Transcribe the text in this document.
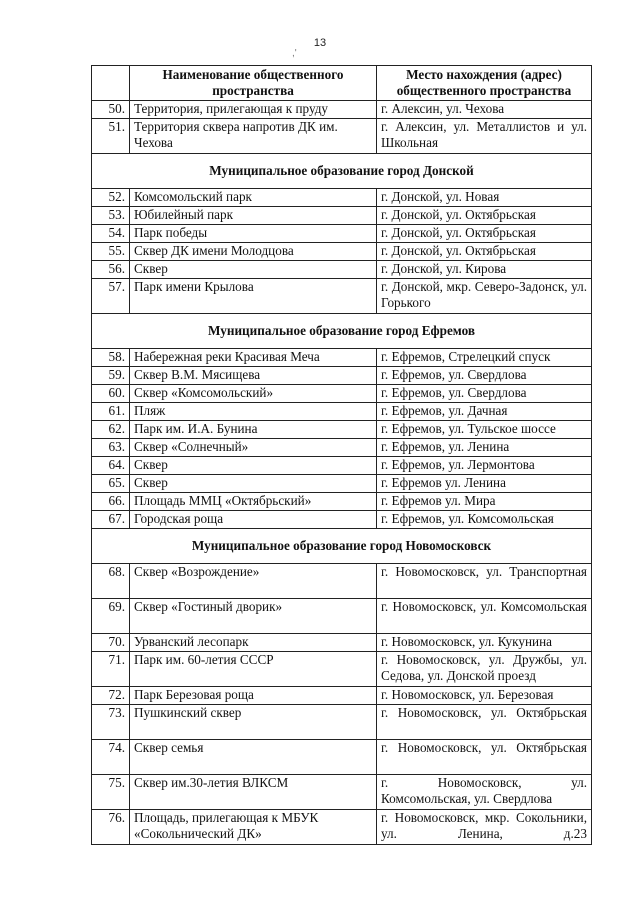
13
,'
	Наименование общественного пространства	Место нахождения (адрес) общественного пространства
50.	Территория, прилегающая к пруду	г. Алексин, ул. Чехова
51.	Территория сквера напротив ДК им. Чехова	г. Алексин, ул. Металлистов и ул. Школьная
Муниципальное образование город Донской		
52.	Комсомольский парк	г. Донской, ул. Новая
53.	Юбилейный парк	г. Донской, ул. Октябрьская
54.	Парк победы	г. Донской, ул. Октябрьская
55.	Сквер ДК имени Молодцова	г. Донской, ул. Октябрьская
56.	Сквер	г. Донской, ул. Кирова
57.	Парк имени Крылова	г. Донской, мкр. Северо-Задонск, ул. Горького
Муниципальное образование город Ефремов		
58.	Набережная реки Красивая Меча	г. Ефремов, Стрелецкий спуск
59.	Сквер В.М. Мясищева	г. Ефремов, ул. Свердлова
60.	Сквер «Комсомольский»	г. Ефремов, ул. Свердлова
61.	Пляж	г. Ефремов, ул. Дачная
62.	Парк им. И.А. Бунина	г. Ефремов, ул. Тульское шоссе
63.	Сквер «Солнечный»	г. Ефремов, ул. Ленина
64.	Сквер	г. Ефремов, ул. Лермонтова
65.	Сквер	г. Ефремов ул. Ленина
66.	Площадь ММЦ «Октябрьский»	г. Ефремов ул. Мира
67.	Городская роща	г. Ефремов, ул. Комсомольская
Муниципальное образование город Новомосковск		
68.	Сквер «Возрождение»	г. Новомосковск, ул. Транспортная
69.	Сквер «Гостиный дворик»	г. Новомосковск, ул. Комсомольская
70.	Урванский лесопарк	г. Новомосковск, ул. Кукунина
71.	Парк им. 60-летия СССР	г. Новомосковск, ул. Дружбы, ул. Седова, ул. Донской проезд
72.	Парк Березовая роща	г. Новомосковск, ул. Березовая
73.	Пушкинский сквер	г. Новомосковск, ул. Октябрьская
74.	Сквер семья	г. Новомосковск, ул. Октябрьская
75.	Сквер им.30-летия ВЛКСМ	г. Новомосковск, ул. Комсомольская, ул. Свердлова
76.	Площадь, прилегающая к МБУК «Сокольнический ДК»	г. Новомосковск, мкр. Сокольники, ул. Ленина, д.23
